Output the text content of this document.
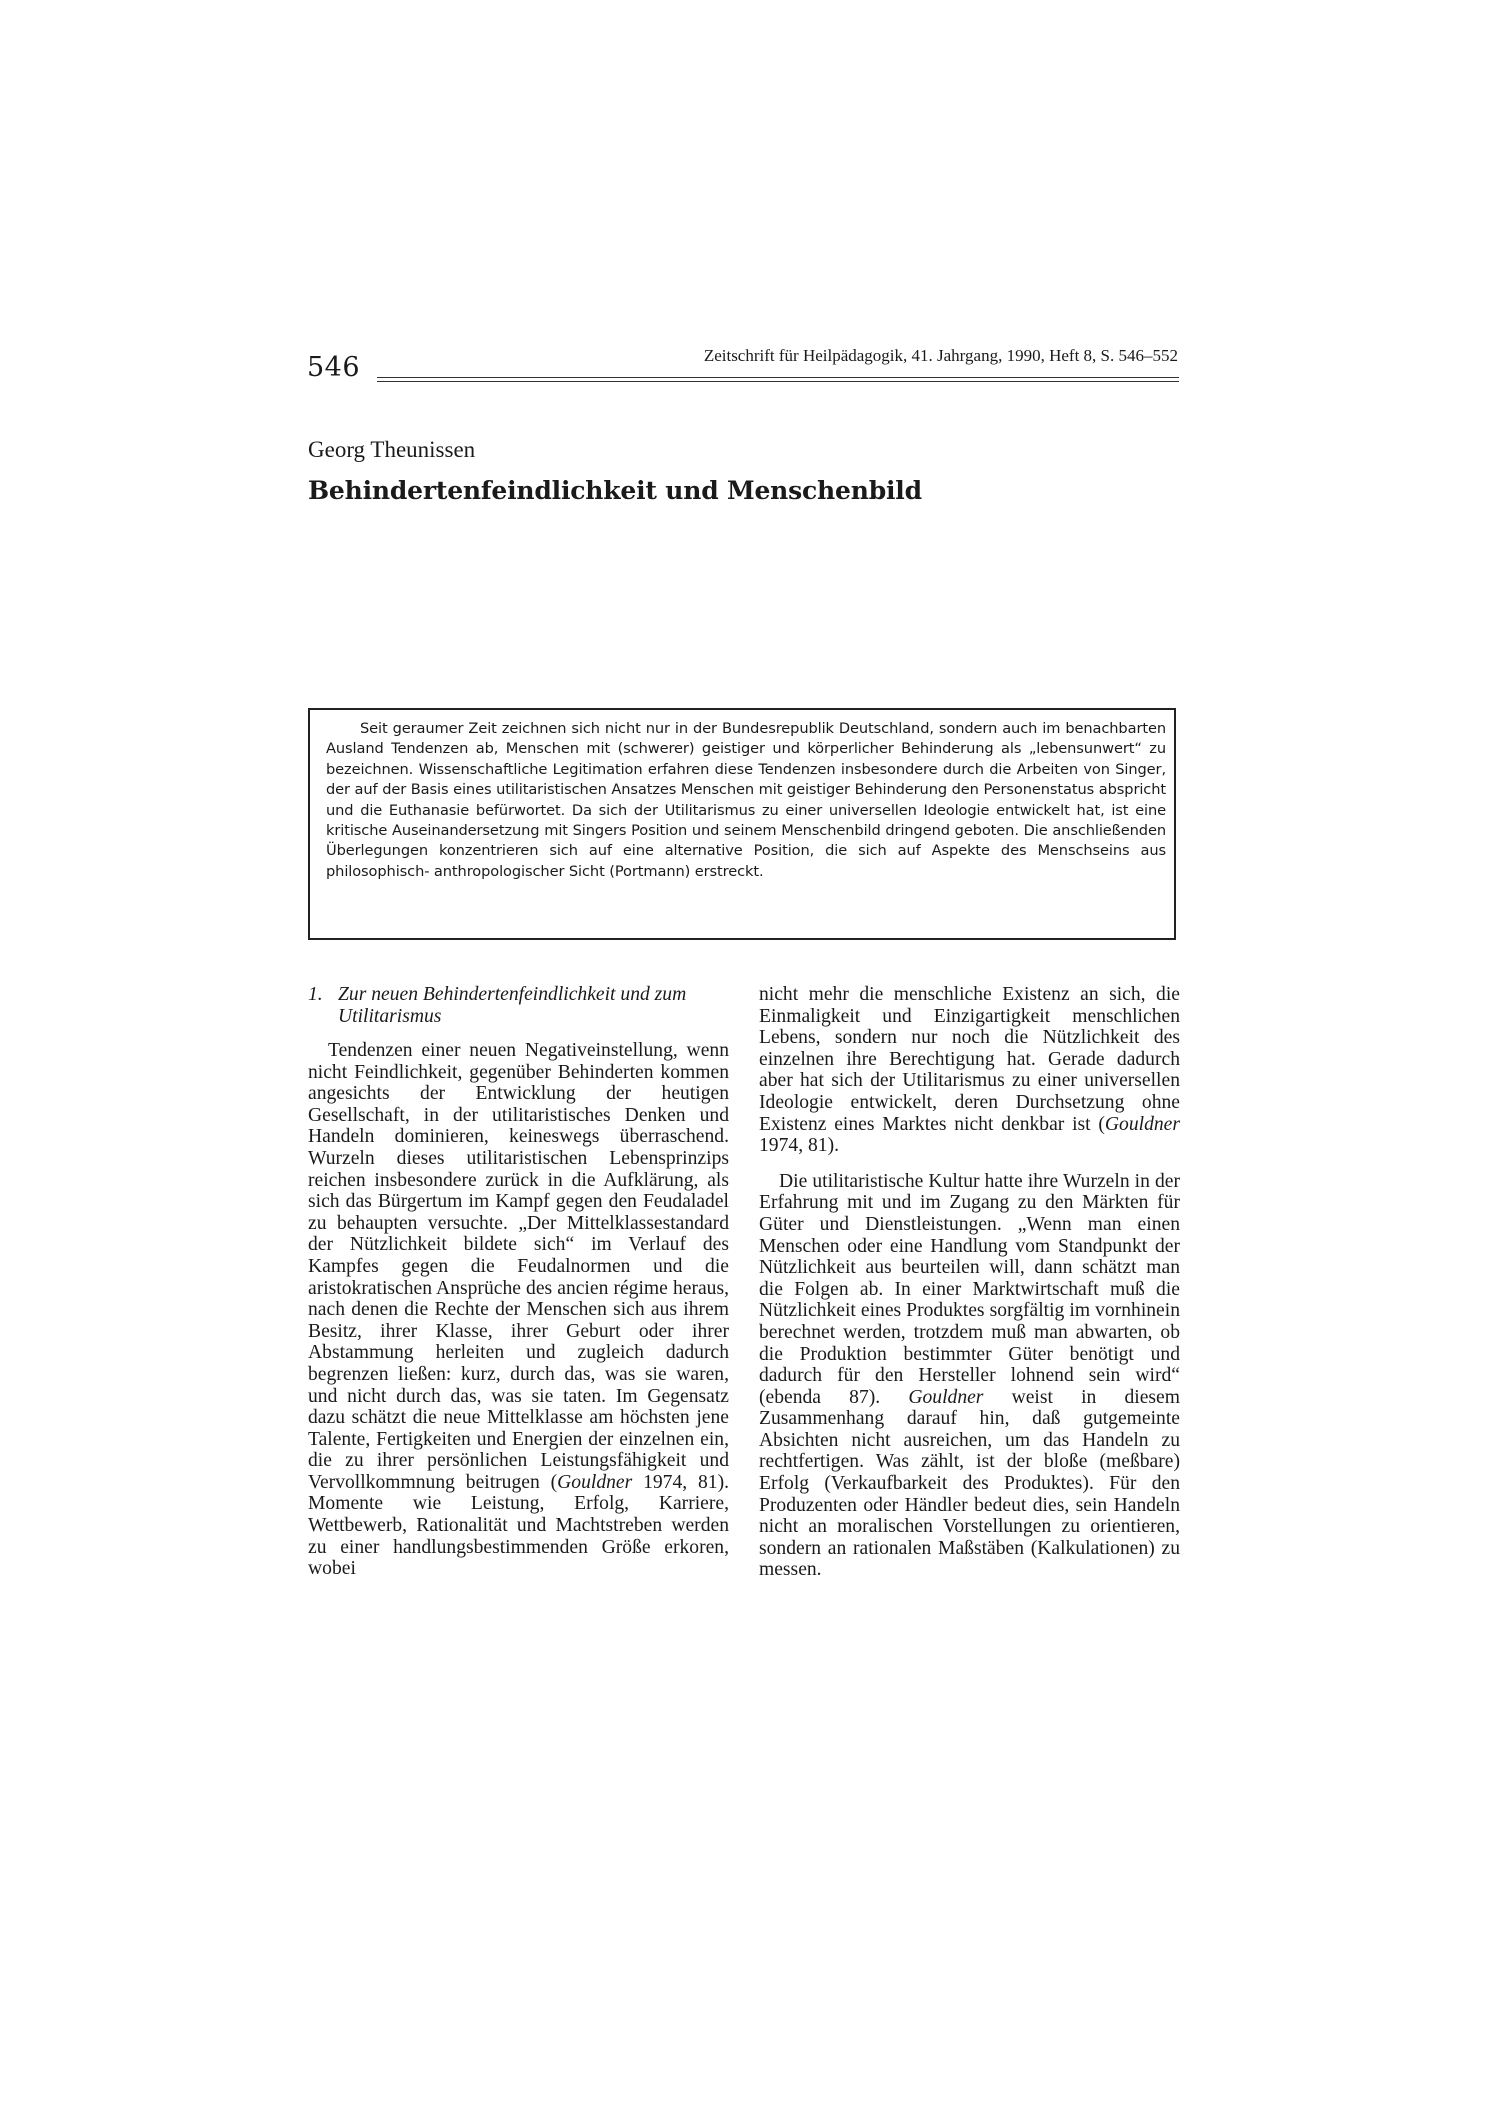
546	Zeitschrift für Heilpädagogik, 41. Jahrgang, 1990, Heft 8, S. 546–552
Georg Theunissen
Behindertenfeindlichkeit und Menschenbild

Seit geraumer Zeit zeichnen sich nicht nur in der Bundesrepublik Deutschland, sondern auch im benachbarten Ausland Tendenzen ab, Menschen mit (schwerer) geistiger und körperlicher Behinderung als „lebensunwert“ zu bezeichnen. Wissenschaftliche Legitimation erfahren diese Tendenzen insbesondere durch die Arbeiten von Singer, der auf der Basis eines utilitaristischen Ansatzes Menschen mit geistiger Behinderung den Personenstatus abspricht und die Euthanasie befürwortet. Da sich der Utilitarismus zu einer universellen Ideologie entwickelt hat, ist eine kritische Auseinandersetzung mit Singers Position und seinem Menschenbild dringend geboten. Die anschließenden Überlegungen konzentrieren sich auf eine alternative Position, die sich auf Aspekte des Menschseins aus philosophisch- anthropologischer Sicht (Portmann) erstreckt.

1. Zur neuen Behindertenfeindlichkeit und zum Utilitarismus

Tendenzen einer neuen Negativeinstellung, wenn nicht Feindlichkeit, gegenüber Behinderten kommen angesichts der Entwicklung der heutigen Gesellschaft, in der utilitaristisches Denken und Handeln dominieren, keineswegs überraschend. Wurzeln dieses utilitaristischen Lebensprinzips reichen insbesondere zurück in die Aufklärung, als sich das Bürgertum im Kampf gegen den Feudaladel zu behaupten versuchte. „Der Mittelklassestandard der Nützlichkeit bildete sich“ im Verlauf des Kampfes gegen die Feudalnormen und die aristokratischen Ansprüche des ancien régime heraus, nach denen die Rechte der Menschen sich aus ihrem Besitz, ihrer Klasse, ihrer Geburt oder ihrer Abstammung herleiten und zugleich dadurch begrenzen ließen: kurz, durch das, was sie waren, und nicht durch das, was sie taten. Im Gegensatz dazu schätzt die neue Mittelklasse am höchsten jene Talente, Fertigkeiten und Energien der einzelnen ein, die zu ihrer persönlichen Leistungsfähigkeit und Vervollkommnung beitrugen (Gouldner 1974, 81). Momente wie Leistung, Erfolg, Karriere, Wettbewerb, Rationalität und Machtstreben werden zu einer handlungsbestimmenden Größe erkoren, wobei

nicht mehr die menschliche Existenz an sich, die Einmaligkeit und Einzigartigkeit menschlichen Lebens, sondern nur noch die Nützlichkeit des einzelnen ihre Berechtigung hat. Gerade dadurch aber hat sich der Utilitarismus zu einer universellen Ideologie entwickelt, deren Durchsetzung ohne Existenz eines Marktes nicht denkbar ist (Gouldner 1974, 81).

Die utilitaristische Kultur hatte ihre Wurzeln in der Erfahrung mit und im Zugang zu den Märkten für Güter und Dienstleistungen. „Wenn man einen Menschen oder eine Handlung vom Standpunkt der Nützlichkeit aus beurteilen will, dann schätzt man die Folgen ab. In einer Marktwirtschaft muß die Nützlichkeit eines Produktes sorgfältig im vornhinein berechnet werden, trotzdem muß man abwarten, ob die Produktion bestimmter Güter benötigt und dadurch für den Hersteller lohnend sein wird“ (ebenda 87). Gouldner weist in diesem Zusammenhang darauf hin, daß gutgemeinte Absichten nicht ausreichen, um das Handeln zu rechtfertigen. Was zählt, ist der bloße (meßbare) Erfolg (Verkaufbarkeit des Produktes). Für den Produzenten oder Händler bedeut dies, sein Handeln nicht an moralischen Vorstellungen zu orientieren, sondern an rationalen Maßstäben (Kalkulationen) zu messen.
